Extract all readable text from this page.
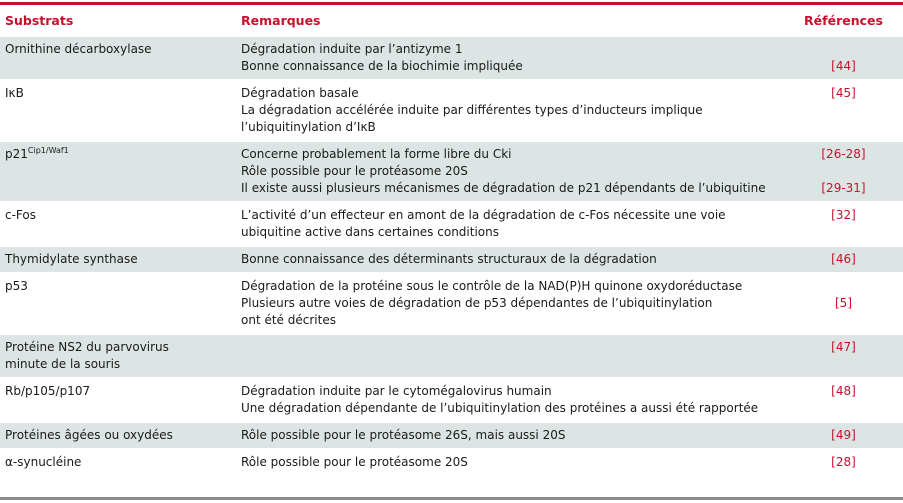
Substrats	Remarques	Références

Ornithine décarboxylase	Dégradation induite par l’antizyme 1
Bonne connaissance de la biochimie impliquée	[44]

IκB	Dégradation basale
La dégradation accélérée induite par différentes types d’inducteurs implique
l’ubiquitinylation d’IκB	[45]

$p21^{Cip1/Waf1}$	Concerne probablement la forme libre du Cki
Rôle possible pour le protéasome 20S
Il existe aussi plusieurs mécanismes de dégradation de p21 dépendants de l’ubiquitine	[26-28]
[29-31]

c-Fos	L’activité d’un effecteur en amont de la dégradation de c-Fos nécessite une voie
ubiquitine active dans certaines conditions	[32]

Thymidylate synthase	Bonne connaissance des déterminants structuraux de la dégradation	[46]

p53	Dégradation de la protéine sous le contrôle de la NAD(P)H quinone oxydoréductase
Plusieurs autre voies de dégradation de p53 dépendantes de l’ubiquitinylation
ont été décrites	[5]

Protéine NS2 du parvovirus
minute de la souris		[47]

Rb/p105/p107	Dégradation induite par le cytomégalovirus humain
Une dégradation dépendante de l’ubiquitinylation des protéines a aussi été rapportée	[48]

Protéines âgées ou oxydées	Rôle possible pour le protéasome 26S, mais aussi 20S	[49]

α-synucléine	Rôle possible pour le protéasome 20S	[28]
